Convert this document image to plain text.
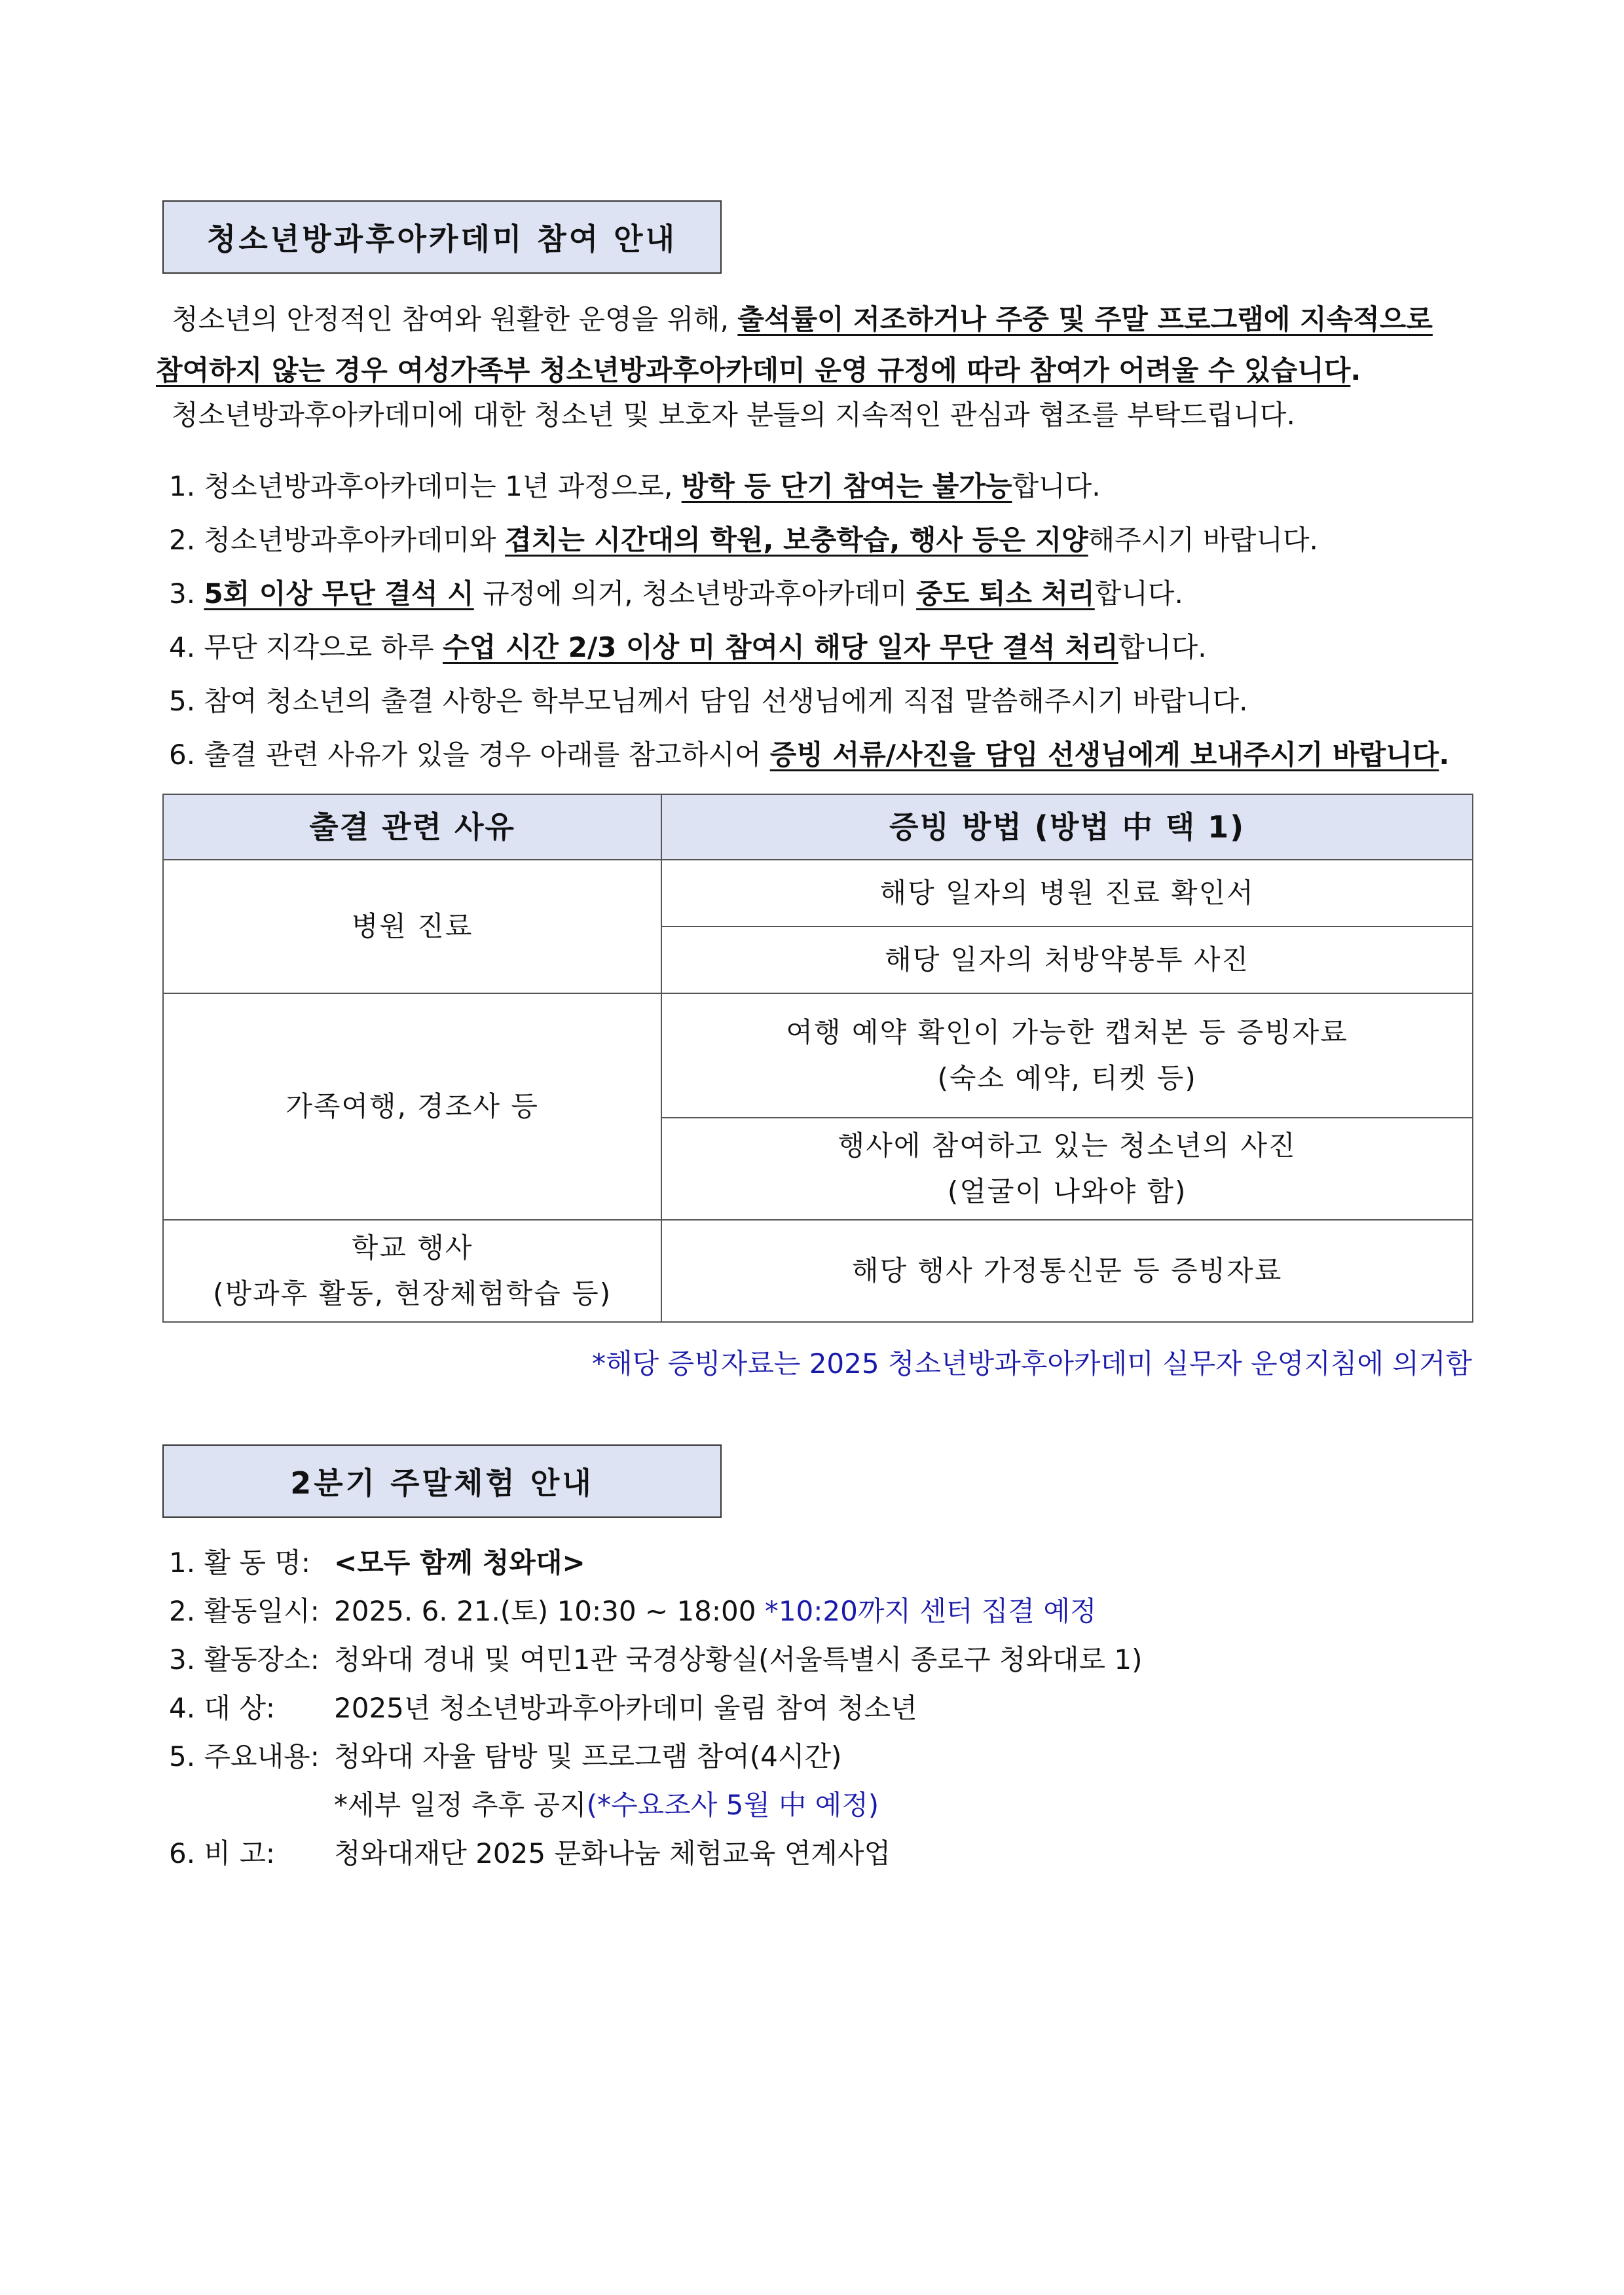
청소년방과후아카데미 참여 안내
청소년의 안정적인 참여와 원활한 운영을 위해, 출석률이 저조하거나 주중 및 주말 프로그램에 지속적으로
참여하지 않는 경우 여성가족부 청소년방과후아카데미 운영 규정에 따라 참여가 어려울 수 있습니다.
청소년방과후아카데미에 대한 청소년 및 보호자 분들의 지속적인 관심과 협조를 부탁드립니다.
1. 청소년방과후아카데미는 1년 과정으로, 방학 등 단기 참여는 불가능합니다.
2. 청소년방과후아카데미와 겹치는 시간대의 학원, 보충학습, 행사 등은 지양해주시기 바랍니다.
3. 5회 이상 무단 결석 시 규정에 의거, 청소년방과후아카데미 중도 퇴소 처리합니다.
4. 무단 지각으로 하루 수업 시간 2/3 이상 미 참여시 해당 일자 무단 결석 처리합니다.
5. 참여 청소년의 출결 사항은 학부모님께서 담임 선생님에게 직접 말씀해주시기 바랍니다.
6. 출결 관련 사유가 있을 경우 아래를 참고하시어 증빙 서류/사진을 담임 선생님에게 보내주시기 바랍니다.
출결 관련 사유	증빙 방법 (방법 中 택 1)
병원 진료	해당 일자의 병원 진료 확인서
	해당 일자의 처방약봉투 사진
가족여행, 경조사 등	여행 예약 확인이 가능한 캡처본 등 증빙자료
(숙소 예약, 티켓 등)

	행사에 참여하고 있는 청소년의 사진
(얼굴이 나와야 함)

학교 행사
(방과후 활동, 현장체험학습 등)	해당 행사 가정통신문 등 증빙자료
*해당 증빙자료는 2025 청소년방과후아카데미 실무자 운영지침에 의거함
2분기 주말체험 안내
1. 활 동 명: <모두 함께 청와대>
2. 활동일시: 2025. 6. 21.(토) 10:30 ~ 18:00 *10:20까지 센터 집결 예정
3. 활동장소: 청와대 경내 및 여민1관 국경상황실(서울특별시 종로구 청와대로 1)
4. 대 상:	2025년 청소년방과후아카데미 울림 참여 청소년
5. 주요내용: 청와대 자율 탐방 및 프로그램 참여(4시간)
*세부 일정 추후 공지 (*수요조사 5월 中 예정)
6. 비 고:	청와대재단 2025 문화나눔 체험교육 연계사업
